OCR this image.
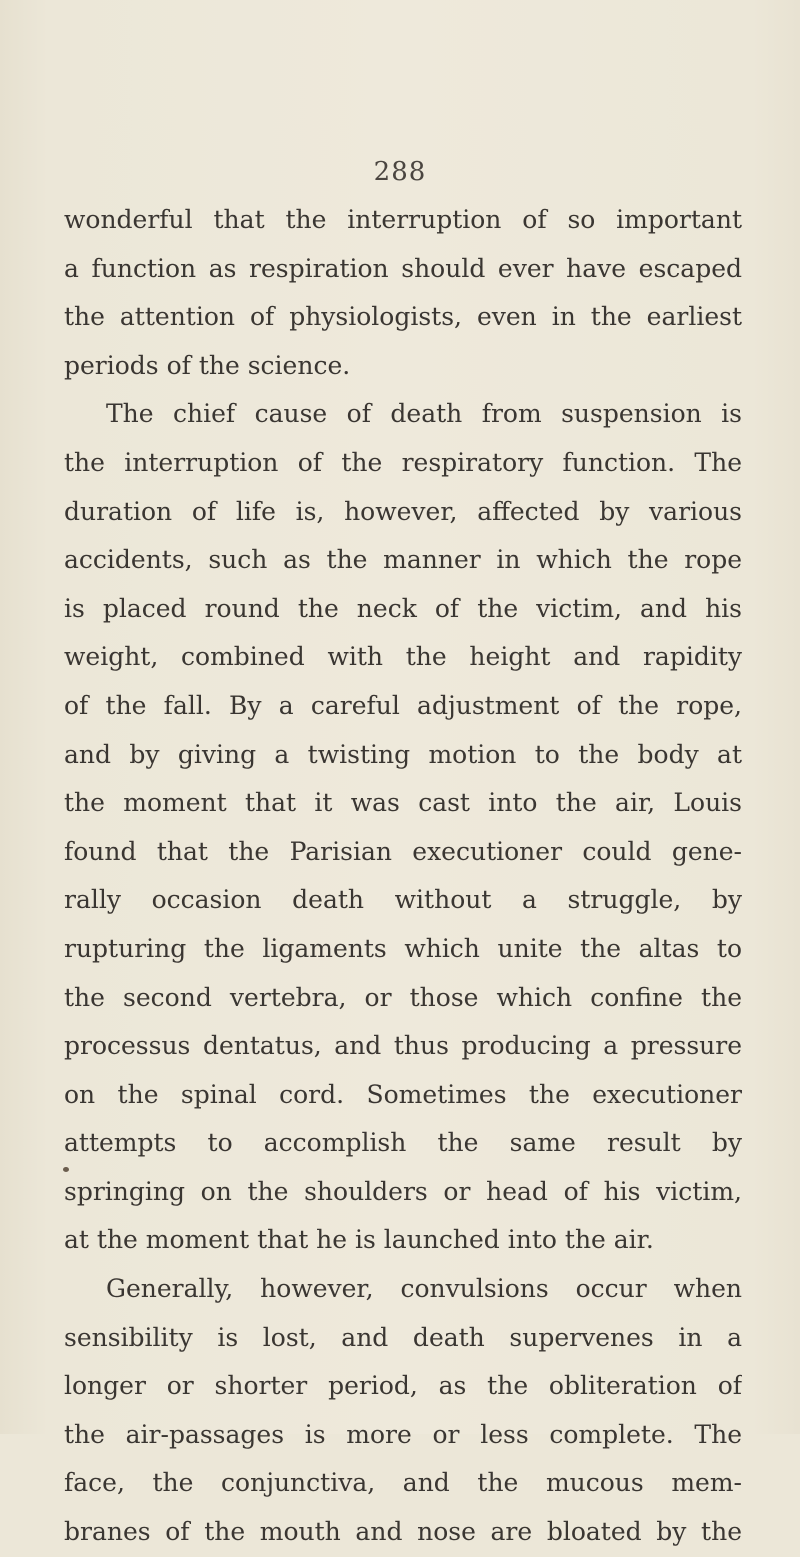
288
wonderful that the interruption of so important
a function as respiration should ever have escaped
the attention of physiologists, even in the earliest
periods of the science.
The chief cause of death from suspension is
the interruption of the respiratory function. The
duration of life is, however, affected by various
accidents, such as the manner in which the rope
is placed round the neck of the victim, and his
weight, combined with the height and rapidity
of the fall. By a careful adjustment of the rope,
and by giving a twisting motion to the body at
the moment that it was cast into the air, Louis
found that the Parisian executioner could gene-
rally occasion death without a struggle, by
rupturing the ligaments which unite the altas to
the second vertebra, or those which confine the
processus dentatus, and thus producing a pressure
on the spinal cord. Sometimes the executioner
attempts to accomplish the same result by
springing on the shoulders or head of his victim,
at the moment that he is launched into the air.
Generally, however, convulsions occur when
sensibility is lost, and death supervenes in a
longer or shorter period, as the obliteration of
the air-passages is more or less complete. The
face, the conjunctiva, and the mucous mem-
branes of the mouth and nose are bloated by the
